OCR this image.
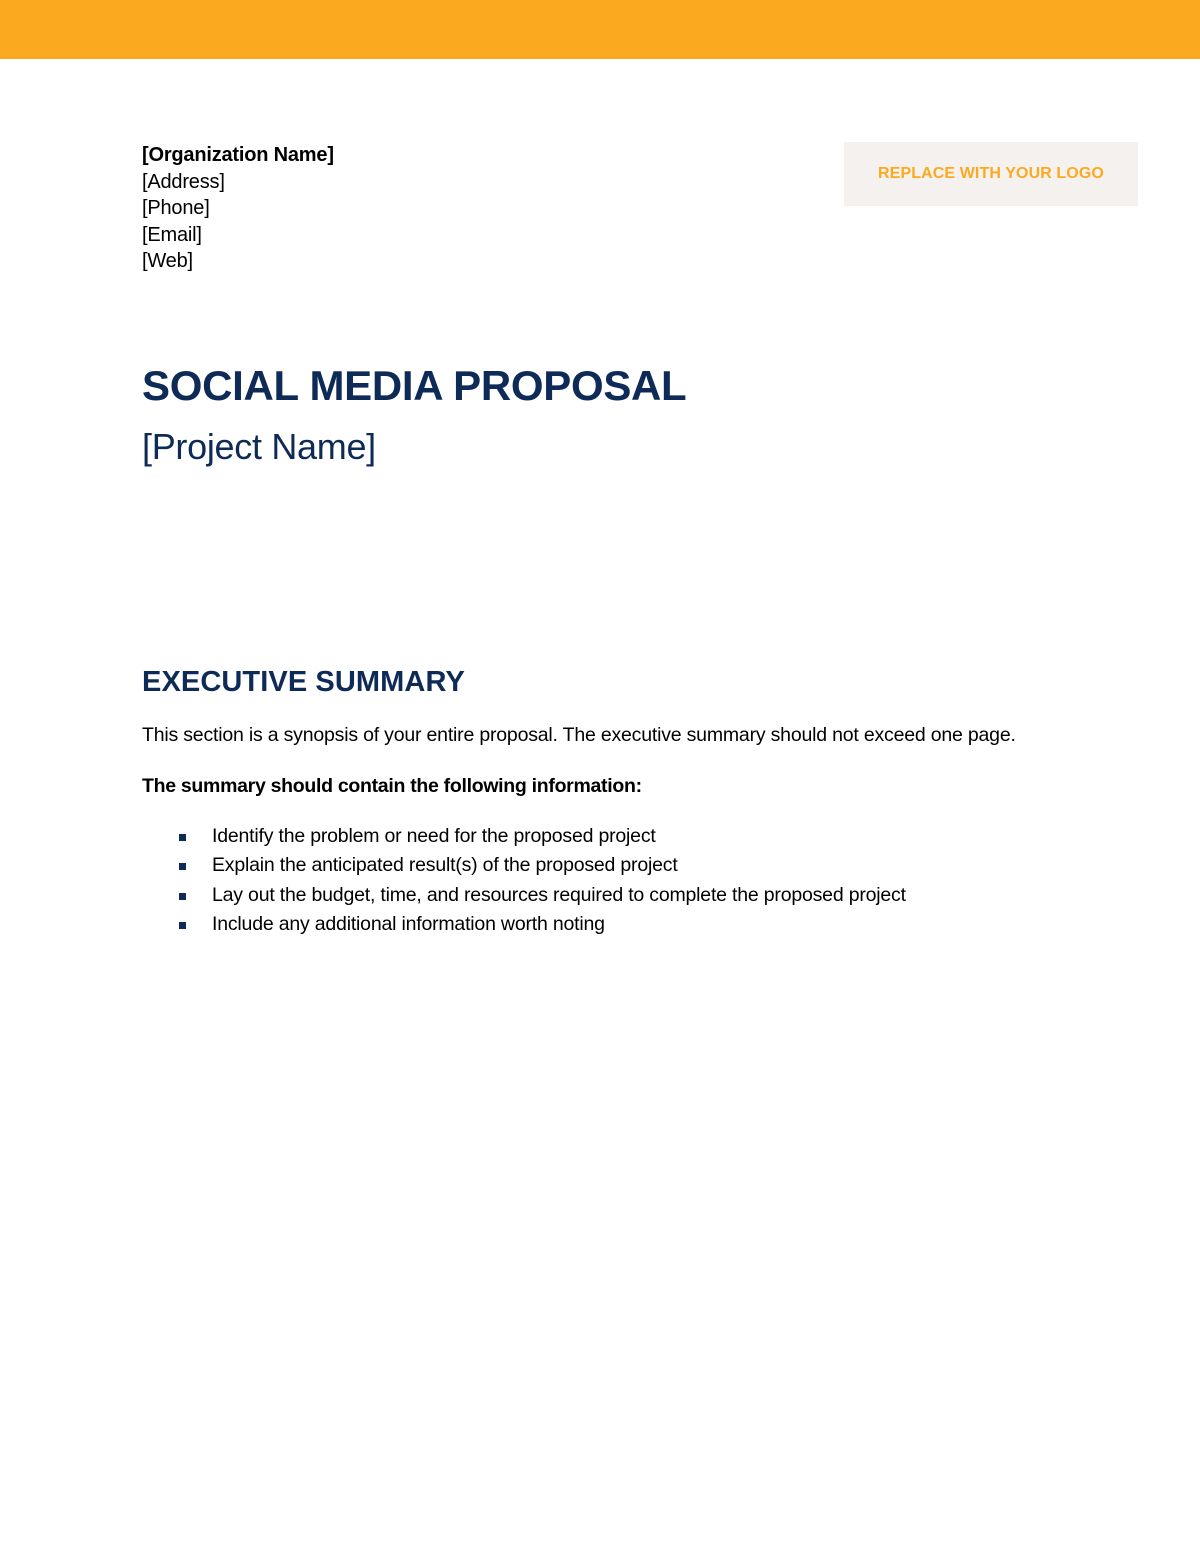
[Organization Name]
[Address]
[Phone]
[Email]
[Web]
REPLACE WITH YOUR LOGO
SOCIAL MEDIA PROPOSAL
[Project Name]
EXECUTIVE SUMMARY
This section is a synopsis of your entire proposal. The executive summary should not exceed one page.
The summary should contain the following information:
Identify the problem or need for the proposed project
Explain the anticipated result(s) of the proposed project
Lay out the budget, time, and resources required to complete the proposed project
Include any additional information worth noting
